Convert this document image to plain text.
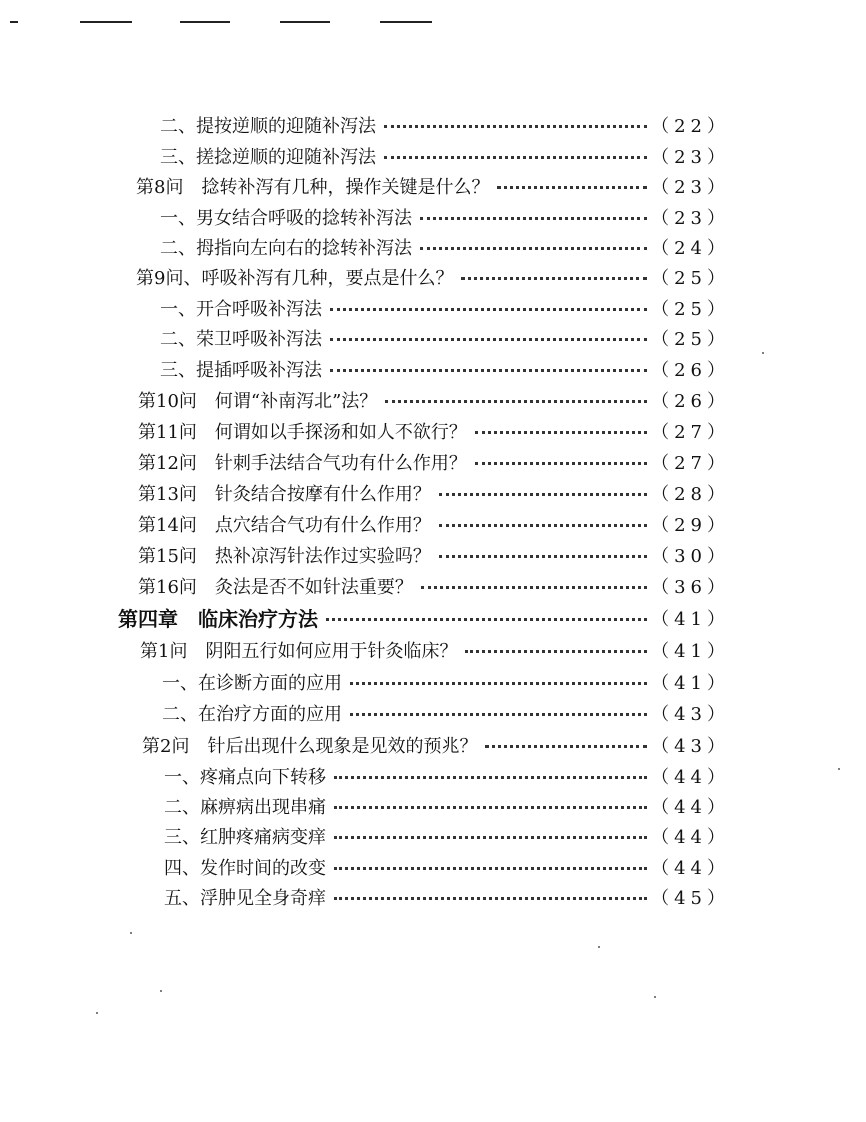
二、提按逆顺的迎随补泻法	（22）
三、搓捻逆顺的迎随补泻法	（23）
第8问　捻转补泻有几种，操作关键是什么？	（23）
一、男女结合呼吸的捻转补泻法	（23）
二、拇指向左向右的捻转补泻法	（24）
第9问、呼吸补泻有几种，要点是什么？	（25）
一、开合呼吸补泻法	（25）
二、荣卫呼吸补泻法	（25）
三、提插呼吸补泻法	（26）
第10问　何谓“补南泻北”法？	（26）
第11问　何谓如以手探汤和如人不欲行？	（27）
第12问　针刺手法结合气功有什么作用？	（27）
第13问　针灸结合按摩有什么作用？	（28）
第14问　点穴结合气功有什么作用？	（29）
第15问　热补凉泻针法作过实验吗？	（30）
第16问　灸法是否不如针法重要？	（36）
第四章　临床治疗方法	（41）
第1问　阴阳五行如何应用于针灸临床？	（41）
一、在诊断方面的应用	（41）
二、在治疗方面的应用	（43）
第2问　针后出现什么现象是见效的预兆？	（43）
一、疼痛点向下转移	（44）
二、麻痹病出现串痛	（44）
三、红肿疼痛病变痒	（44）
四、发作时间的改变	（44）
五、浮肿见全身奇痒	（45）
